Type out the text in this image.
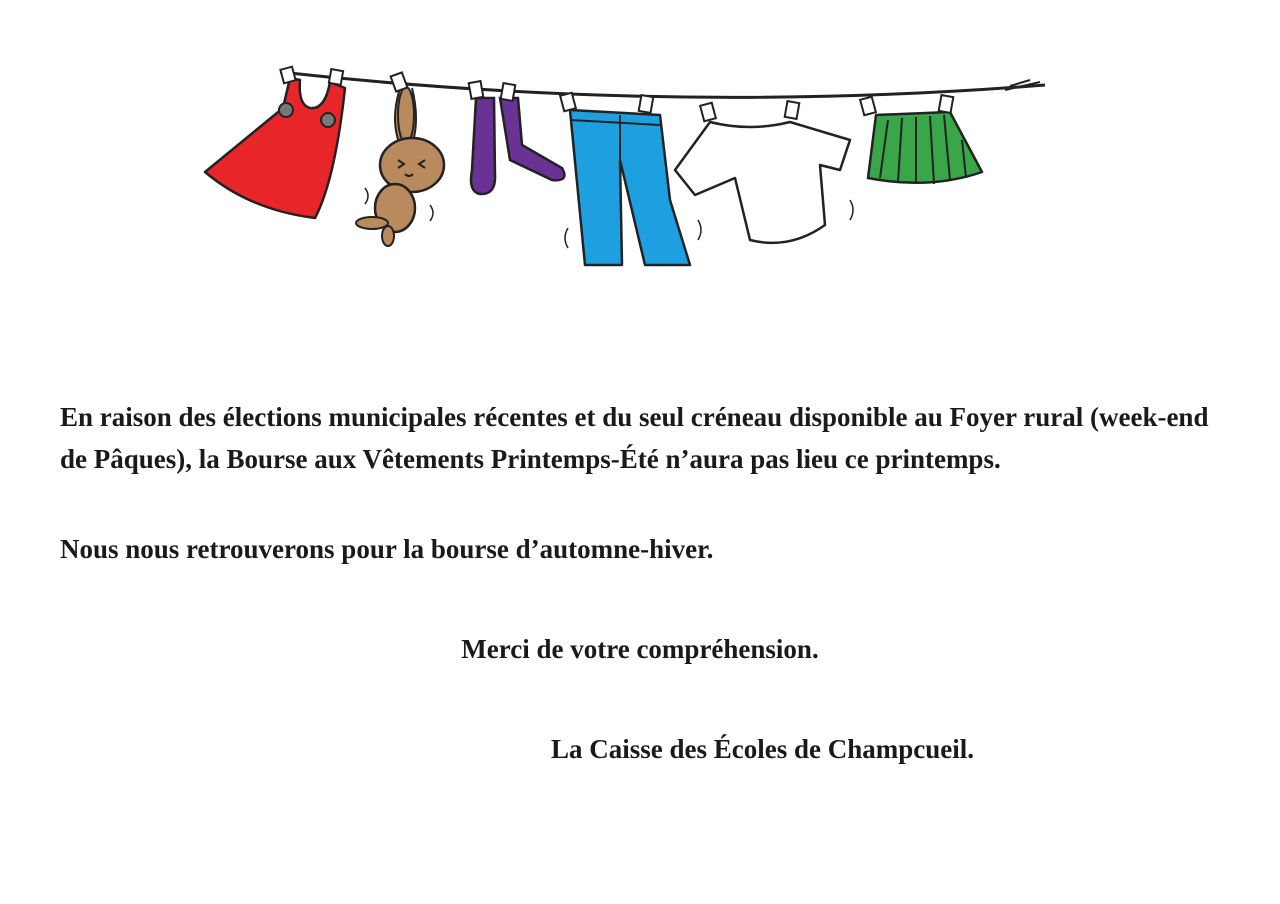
En raison des élections municipales récentes et du seul créneau disponible au Foyer rural (week-end de Pâques), la Bourse aux Vêtements Printemps-Été n’aura pas lieu ce printemps.

Nous nous retrouverons pour la bourse d’automne-hiver.

Merci de votre compréhension.

La Caisse des Écoles de Champcueil.
